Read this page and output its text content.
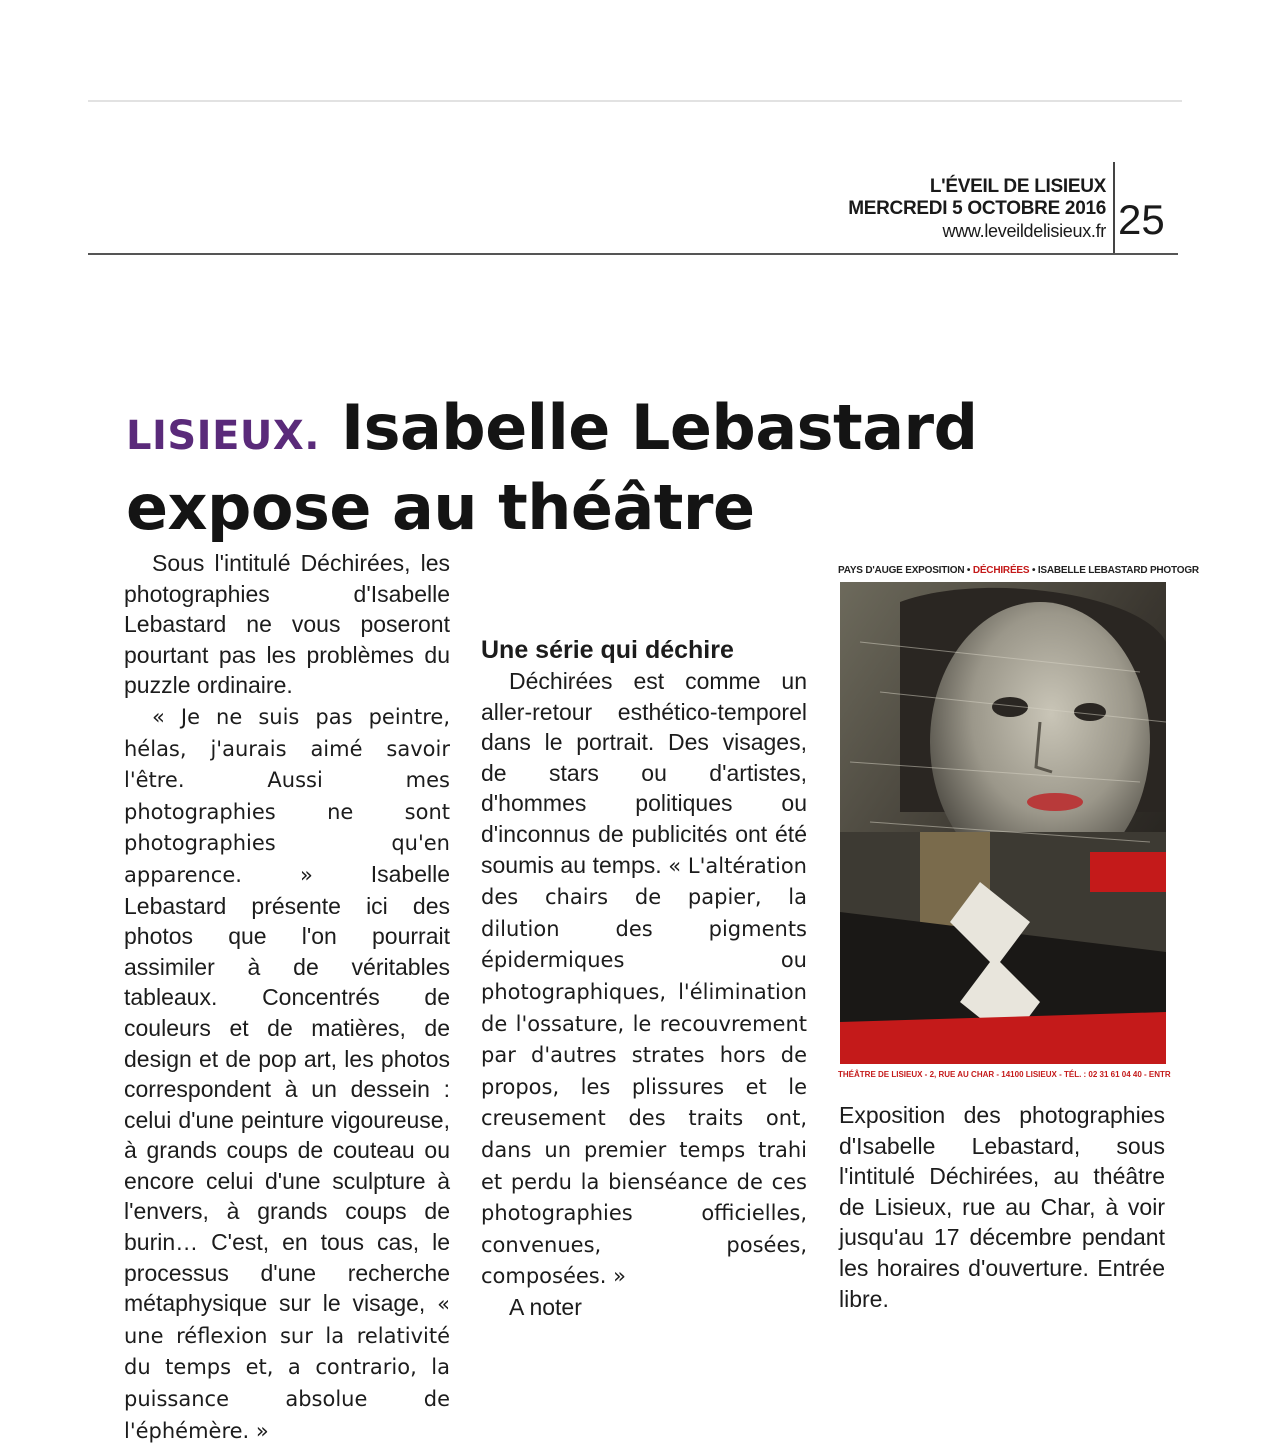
L'ÉVEIL DE LISIEUX
MERCREDI 5 OCTOBRE 2016
www.leveildelisieux.fr 25
LISIEUX. Isabelle Lebastard expose au théâtre

Sous l'intitulé Déchirées, les photographies d'Isabelle Lebastard ne vous poseront pourtant pas les problèmes du puzzle ordinaire.

« Je ne suis pas peintre, hélas, j'aurais aimé savoir l'être. Aussi mes photographies ne sont photographies qu'en apparence. » Isabelle Lebastard présente ici des photos que l'on pourrait assimiler à de véritables tableaux. Concentrés de couleurs et de matières, de design et de pop art, les photos correspondent à un dessein : celui d'une peinture vigoureuse, à grands coups de couteau ou encore celui d'une sculpture à l'envers, à grands coups de burin… C'est, en tous cas, le processus d'une recherche métaphysique sur le visage, « une réflexion sur la relativité du temps et, a contrario, la puissance absolue de l'éphémère. »

Une série qui déchire

Déchirées est comme un aller-retour esthético-temporel dans le portrait. Des visages, de stars ou d'artistes, d'hommes politiques ou d'inconnus de publicités ont été soumis au temps. « L'altération des chairs de papier, la dilution des pigments épidermiques ou photographiques, l'élimination de l'ossature, le recouvrement par d'autres strates hors de propos, les plissures et le creusement des traits ont, dans un premier temps trahi et perdu la bienséance de ces photographies officielles, convenues, posées, composées. »

A noter

Exposition des photographies d'Isabelle Lebastard, sous l'intitulé Déchirées, au théâtre de Lisieux, rue au Char, à voir jusqu'au 17 décembre pendant les horaires d'ouverture. Entrée libre.
PAYS D'AUGE EXPOSITION • DÉCHIRÉES • ISABELLE LEBASTARD PHOTOGR
THÉÂTRE DE LISIEUX - 2, RUE AU CHAR - 14100 LISIEUX - TÉL. : 02 31 61 04 40 - ENTR
